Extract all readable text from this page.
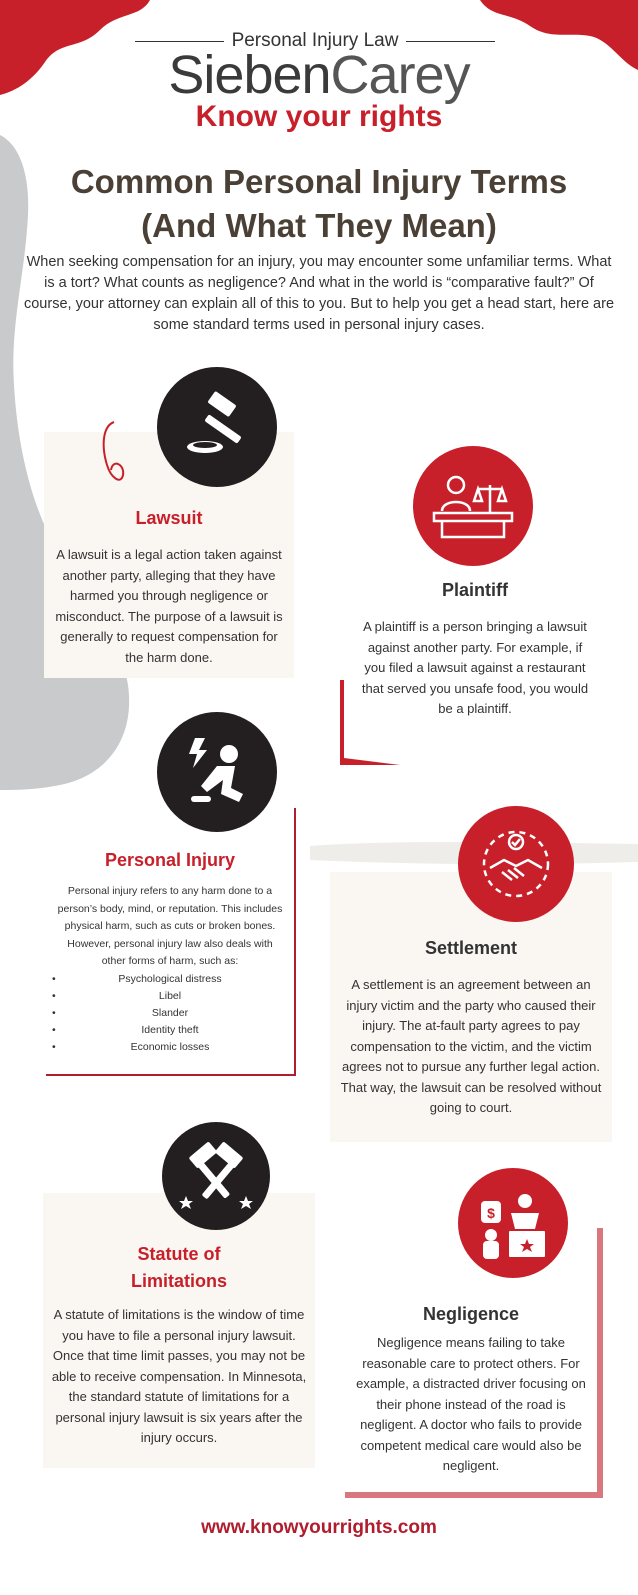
Personal Injury Law
SiebenCarey
Know your rights
Common Personal Injury Terms
(And What They Mean)
When seeking compensation for an injury, you may encounter some unfamiliar terms. What is a tort? What counts as negligence? And what in the world is “comparative fault?” Of course, your attorney can explain all of this to you. But to help you get a head start, here are some standard terms used in personal injury cases.
Lawsuit

A lawsuit is a legal action taken against another party, alleging that they have harmed you through negligence or misconduct. The purpose of a lawsuit is generally to request compensation for the harm done.

Plaintiff

A plaintiff is a person bringing a lawsuit against another party. For example, if you filed a lawsuit against a restaurant that served you unsafe food, you would be a plaintiff.

Personal Injury

Personal injury refers to any harm done to a person’s body, mind, or reputation. This includes physical harm, such as cuts or broken bones. However, personal injury law also deals with other forms of harm, such as:

• Psychological distress
• Libel
• Slander
• Identity theft
• Economic losses
Settlement

A settlement is an agreement between an injury victim and the party who caused their injury. The at-fault party agrees to pay compensation to the victim, and the victim agrees not to pursue any further legal action. That way, the lawsuit can be resolved without going to court.

Statute of
Limitations

A statute of limitations is the window of time you have to file a personal injury lawsuit. Once that time limit passes, you may not be able to receive compensation. In Minnesota, the standard statute of limitations for a personal injury lawsuit is six years after the injury occurs.

Negligence

Negligence means failing to take reasonable care to protect others. For example, a distracted driver focusing on their phone instead of the road is negligent. A doctor who fails to provide competent medical care would also be negligent.

$
www.knowyourrights.com
